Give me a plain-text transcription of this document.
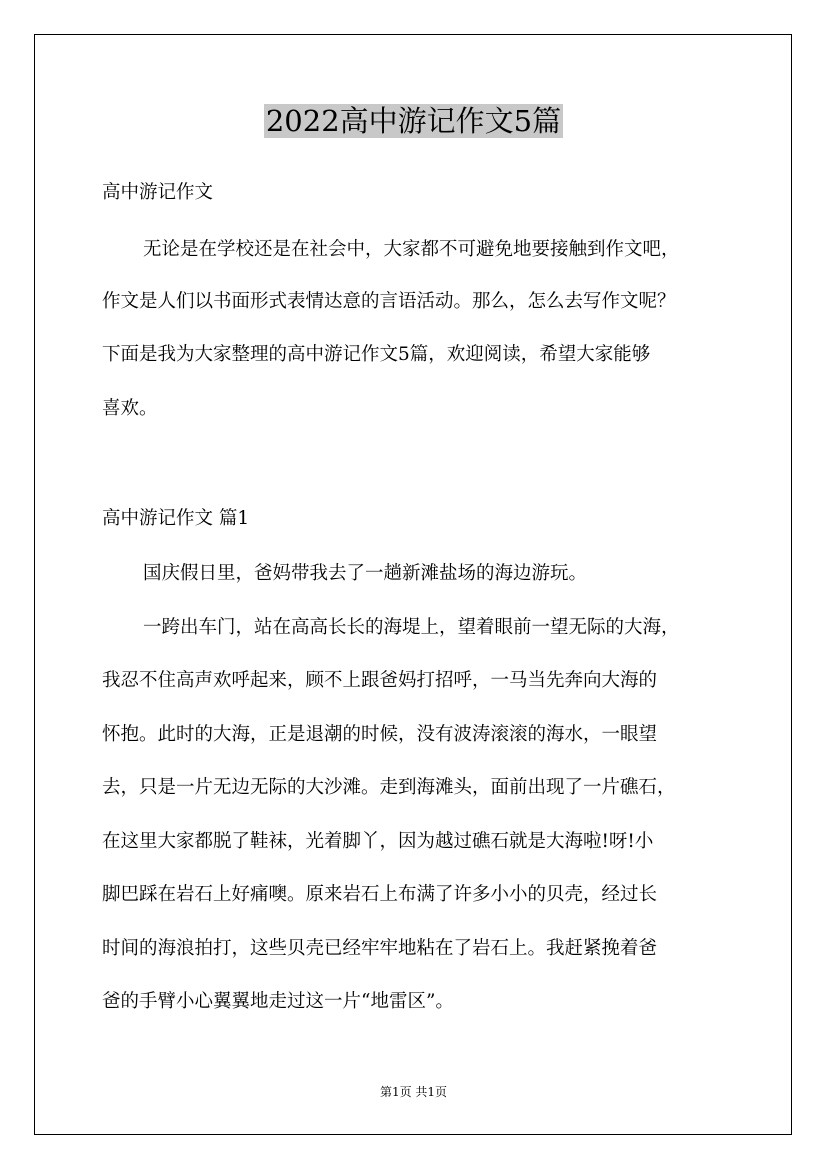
2022高中游记作文5篇
高中游记作文
无论是在学校还是在社会中，大家都不可避免地要接触到作文吧，
作文是人们以书面形式表情达意的言语活动。那么，怎么去写作文呢？
下面是我为大家整理的高中游记作文5篇，欢迎阅读，希望大家能够
喜欢。
高中游记作文 篇1
国庆假日里，爸妈带我去了一趟新滩盐场的海边游玩。
一跨出车门，站在高高长长的海堤上，望着眼前一望无际的大海，
我忍不住高声欢呼起来，顾不上跟爸妈打招呼，一马当先奔向大海的
怀抱。此时的大海，正是退潮的时候，没有波涛滚滚的海水，一眼望
去，只是一片无边无际的大沙滩。走到海滩头，面前出现了一片礁石，
在这里大家都脱了鞋袜，光着脚丫，因为越过礁石就是大海啦!呀!小
脚巴踩在岩石上好痛噢。原来岩石上布满了许多小小的贝壳，经过长
时间的海浪拍打，这些贝壳已经牢牢地粘在了岩石上。我赶紧挽着爸
爸的手臂小心翼翼地走过这一片“地雷区”。
第1页 共1页
